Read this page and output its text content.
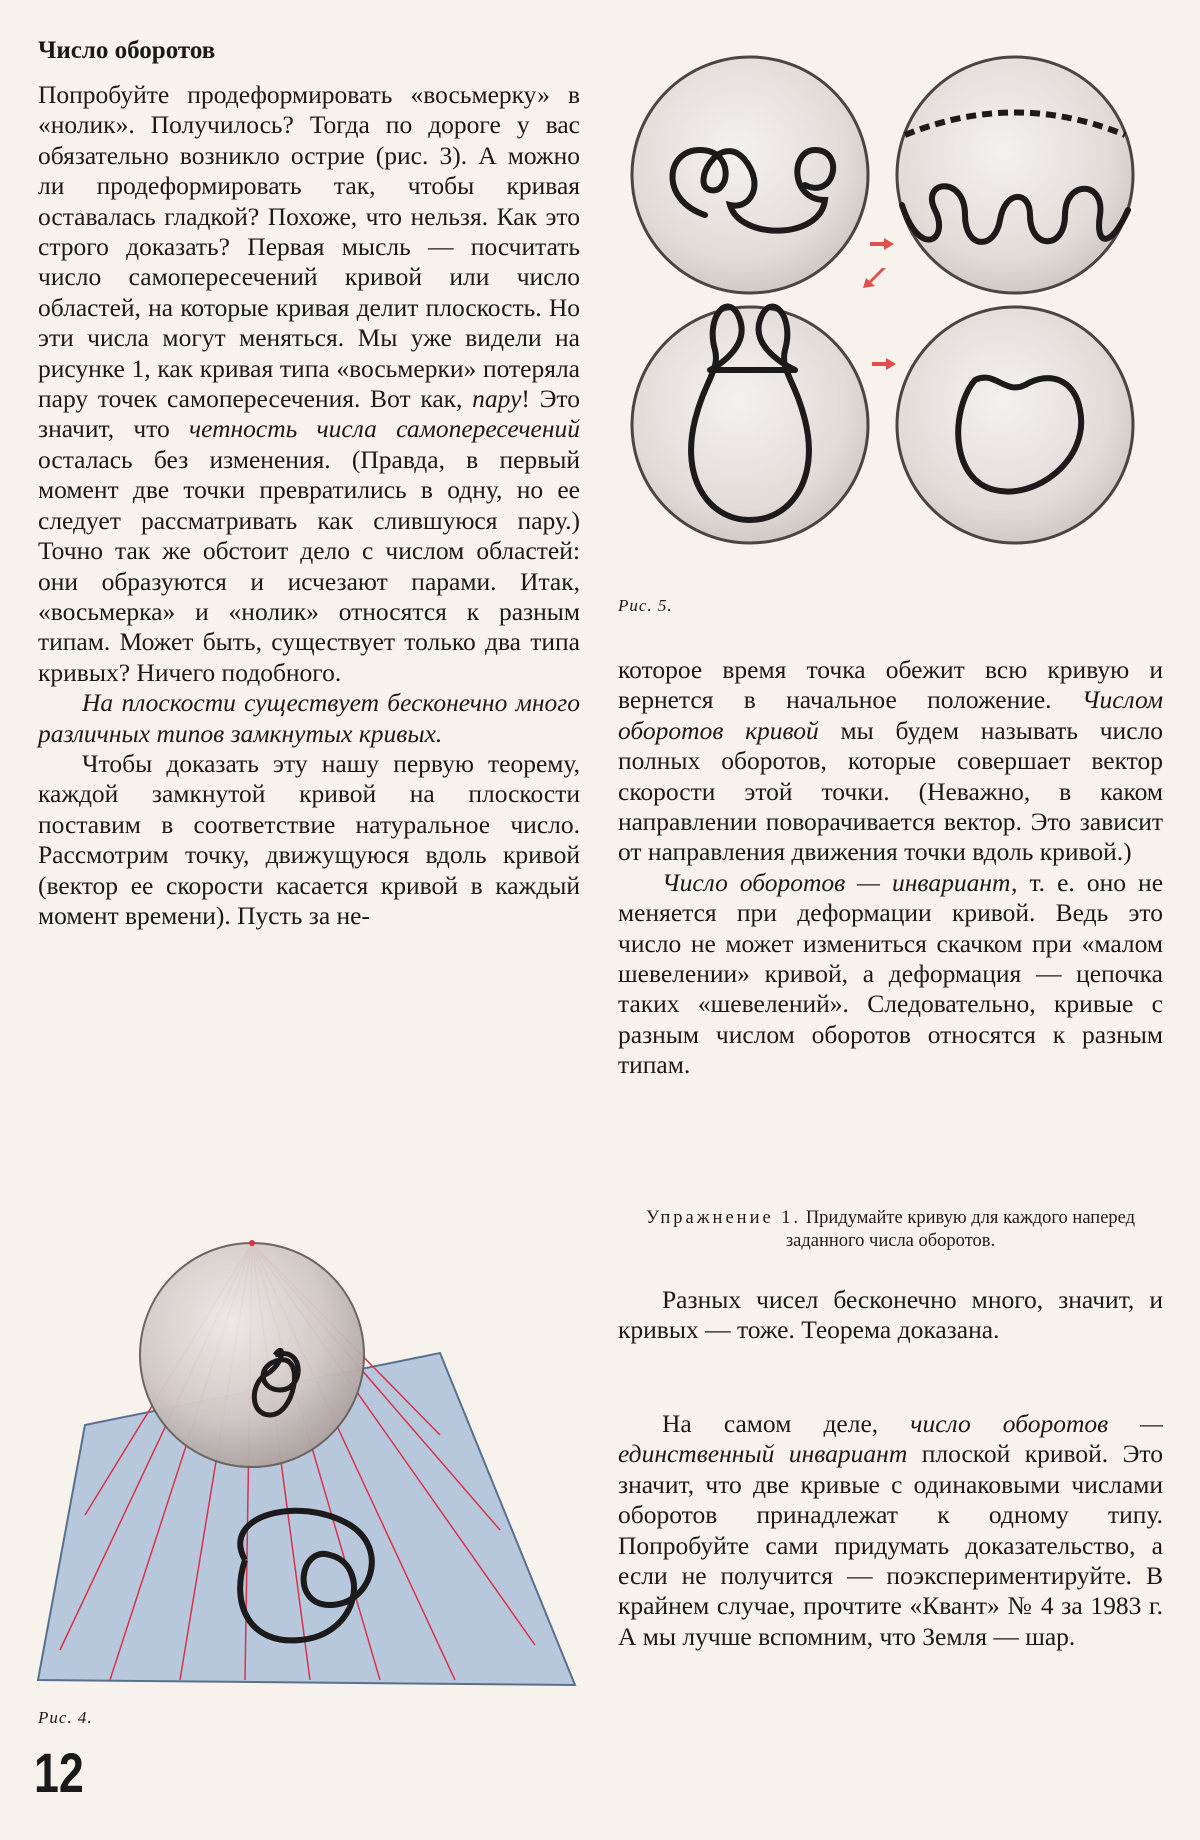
Число оборотов

Попробуйте продеформировать «восьмерку» в «нолик». Получилось? Тогда по дороге у вас обязательно возникло острие (рис. 3). А можно ли продеформировать так, чтобы кривая оставалась гладкой? Похоже, что нельзя. Как это строго доказать? Первая мысль — посчитать число самопересечений кривой или число областей, на которые кривая делит плоскость. Но эти числа могут меняться. Мы уже видели на рисунке 1, как кривая типа «восьмерки» потеряла пару точек самопересечения. Вот как, пару! Это значит, что четность числа самопересечений осталась без изменения. (Правда, в первый момент две точки превратились в одну, но ее следует рассматривать как слившуюся пару.) Точно так же обстоит дело с числом областей: они образуются и исчезают парами. Итак, «восьмерка» и «нолик» относятся к разным типам. Может быть, существует только два типа кривых? Ничего подобного.

На плоскости существует бесконечно много различных типов замкнутых кривых.

Чтобы доказать эту нашу первую теорему, каждой замкнутой кривой на плоскости поставим в соответствие натуральное число. Рассмотрим точку, движущуюся вдоль кривой (вектор ее скорости касается кривой в каждый момент времени). Пусть за не-

Рис. 5.

которое время точка обежит всю кривую и вернется в начальное положение. Числом оборотов кривой мы будем называть число полных оборотов, которые совершает вектор скорости этой точки. (Неважно, в каком направлении поворачивается вектор. Это зависит от направления движения точки вдоль кривой.)

Число оборотов — инвариант, т. е. оно не меняется при деформации кривой. Ведь это число не может измениться скачком при «малом шевелении» кривой, а деформация — цепочка таких «шевелений». Следовательно, кривые с разным числом оборотов относятся к разным типам.

Упражнение 1. Придумайте кривую для каждого наперед заданного числа оборотов.

Разных чисел бесконечно много, значит, и кривых — тоже. Теорема доказана.

На самом деле, число оборотов — единственный инвариант плоской кривой. Это значит, что две кривые с одинаковыми числами оборотов принадлежат к одному типу. Попробуйте сами придумать доказательство, а если не получится — поэкспериментируйте. В крайнем случае, прочтите «Квант» № 4 за 1983 г. А мы лучше вспомним, что Земля — шар.

Рис. 4.
12
